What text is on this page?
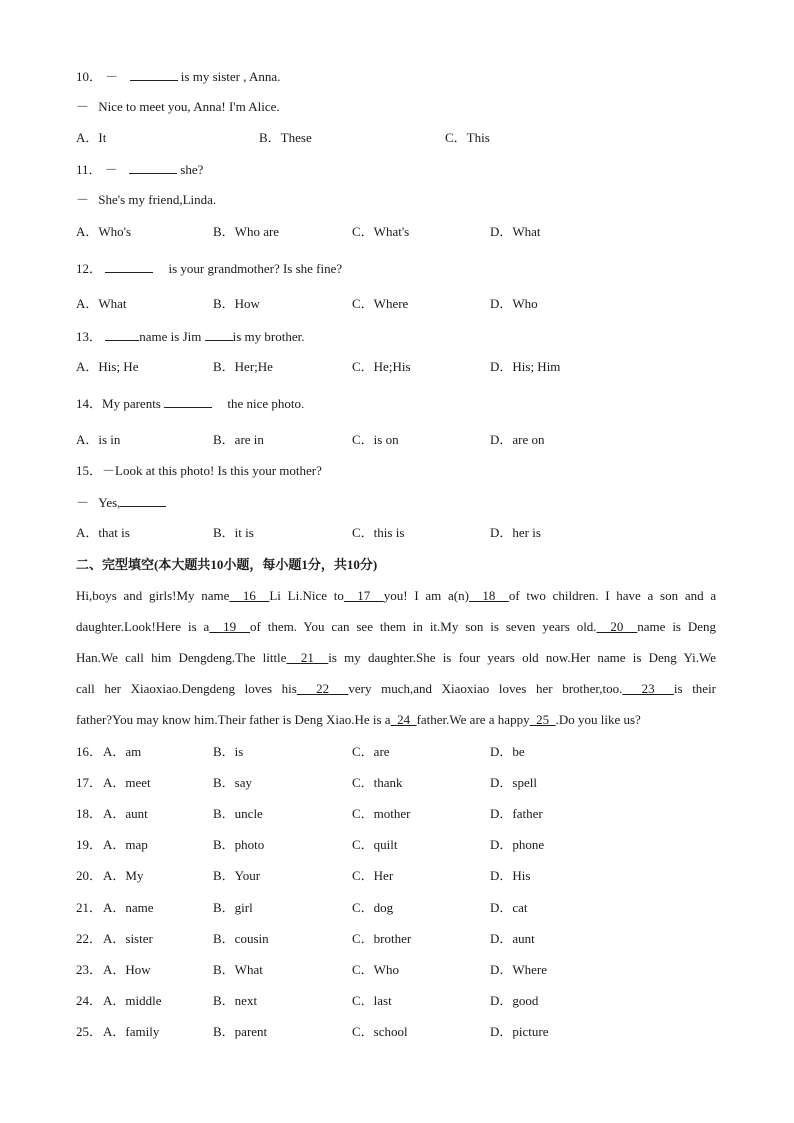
10． －	is my sister , Anna.
－ Nice to meet you, Anna! I'm Alice.
A．It	B．These	C．This
11． －	she?
－ She's my friend,Linda.
A．Who's	B．Who are	C．What's	D．What
12．	is your grandmother? Is she fine?
A．What	B．How	C．Where	D．Who
13．	name is Jim is my brother.
A．His; He	B．Her;He	C．He;His	D．His; Him
14．My parents	the nice photo.
A．is in	B．are in	C．is on	D．are on
15．－Look at this photo! Is this your mother?
－ Yes,
A．that is	B．it is	C．this is	D．her is
二、完型填空(本大题共10小题，每小题1分，共10分)
Hi,boys and girls!My name 16 Li Li.Nice to 17 you! I am a(n) 18 of two children. I have a son and a
daughter.Look!Here is a 19 of them. You can see them in it.My son is seven years old. 20 name is Deng
Han.We call him Dengdeng.The little 21 is my daughter.She is four years old now.Her name is Deng Yi.We
call her Xiaoxiao.Dengdeng loves his 22 very much,and Xiaoxiao loves her brother,too. 23 is their
father?You may know him.Their father is Deng Xiao.He is a 24 father.We are a happy 25 .Do you like us?
16． A．am	B．is	C．are	D．be
17． A．meet	B．say	C．thank	D．spell
18． A．aunt	B．uncle	C．mother	D．father
19． A．map	B．photo	C．quilt	D．phone
20． A．My	B．Your	C．Her	D．His
21． A．name	B．girl	C．dog	D．cat
22． A．sister	B．cousin	C．brother	D．aunt
23． A．How	B．What	C．Who	D．Where
24． A．middle	B．next	C．last	D．good
25． A．family	B．parent	C．school	D．picture
